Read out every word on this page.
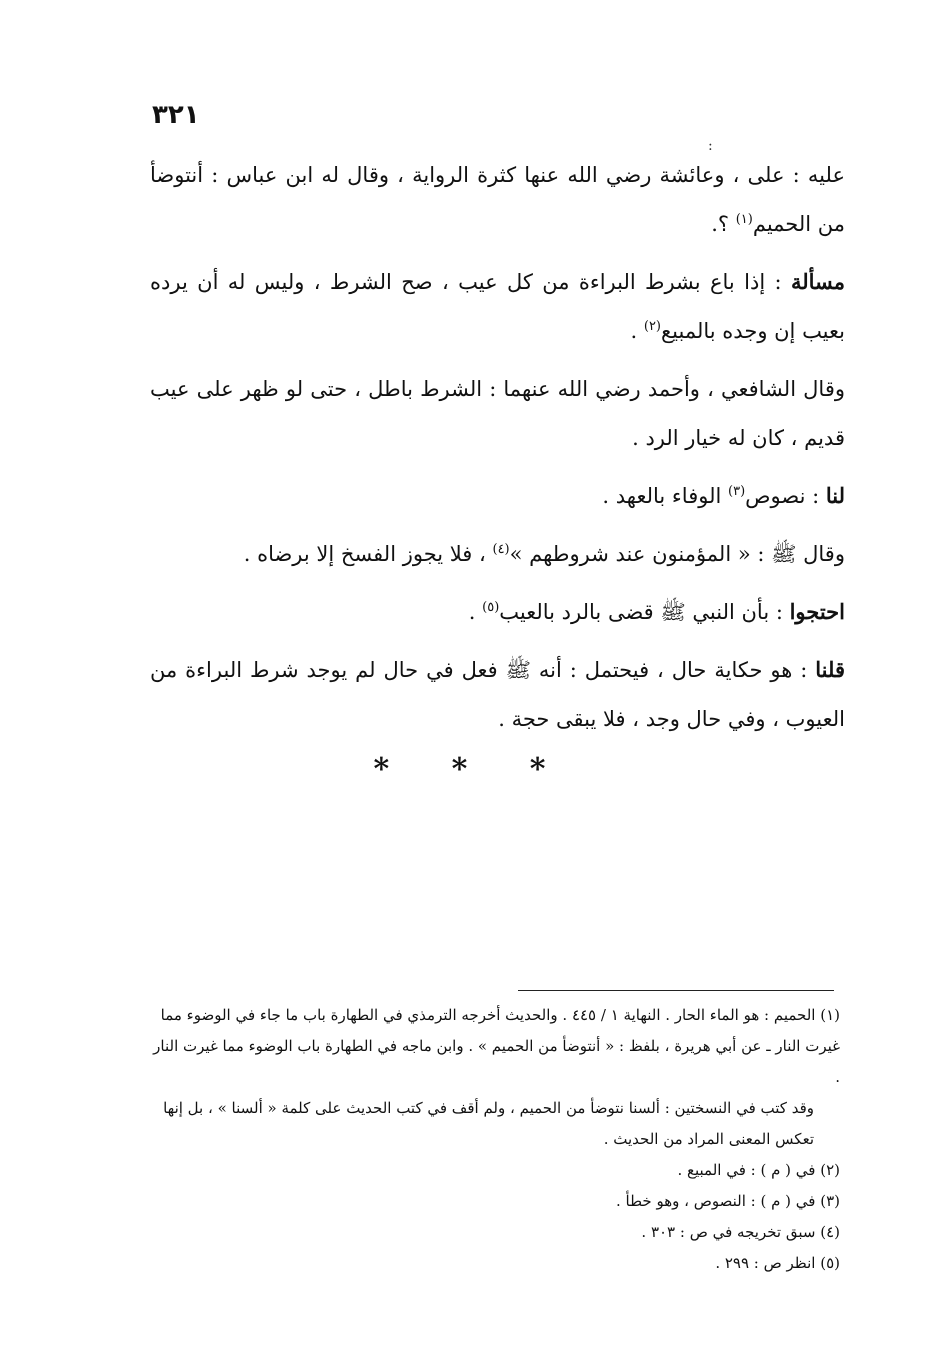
٣٢١
:

عليه : على ، وعائشة رضي الله عنها كثرة الرواية ، وقال له ابن عباس : أنتوضأ من الحميم$^{(١)}$ ؟.

مسألة : إذا باع بشرط البراءة من كل عيب ، صح الشرط ، وليس له أن يرده بعيب إن وجده بالمبيع$^{(٢)}$ .

وقال الشافعي ، وأحمد رضي الله عنهما : الشرط باطل ، حتى لو ظهر على عيب قديم ، كان له خيار الرد .

لنا : نصوص$^{(٣)}$ الوفاء بالعهد .

وقال ﷺ : « المؤمنون عند شروطهم »$^{(٤)}$ ، فلا يجوز الفسخ إلا برضاه .

احتجوا : بأن النبي ﷺ قضى بالرد بالعيب$^{(٥)}$ .

قلنا : هو حكاية حال ، فيحتمل : أنه ﷺ فعل في حال لم يوجد شرط البراءة من العيوب ، وفي حال وجد ، فلا يبقى حجة .

* * *

(١) الحميم : هو الماء الحار . النهاية ١ / ٤٤٥ . والحديث أخرجه الترمذي في الطهارة باب ما جاء في الوضوء مما غيرت النار ـ عن أبي هريرة ، بلفظ : « أنتوضأ من الحميم » . وابن ماجه في الطهارة باب الوضوء مما غيرت النار .

وقد كتب في النسختين : ألسنا نتوضأ من الحميم ، ولم أقف في كتب الحديث على كلمة « ألسنا » ، بل إنها تعكس المعنى المراد من الحديث .

(٢) في ( م ) : في المبيع .

(٣) في ( م ) : النصوص ، وهو خطأ .

(٤) سبق تخريجه في ص : ٣٠٣ .

(٥) انظر ص : ٢٩٩ .
